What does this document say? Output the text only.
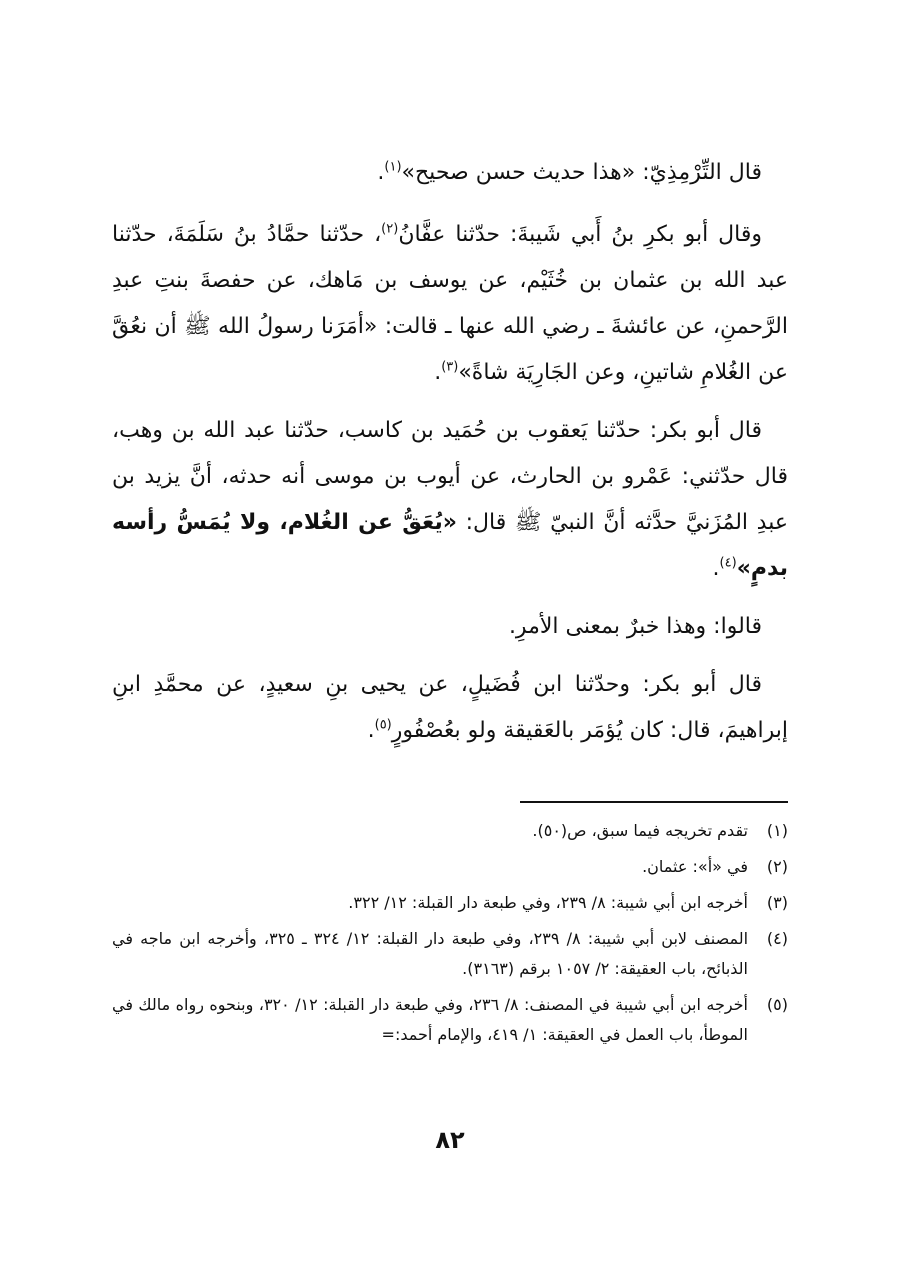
قال التِّرْمِذِيّ: «هذا حديث حسن صحيح»$^{(١)}$.

وقال أبو بكرِ بنُ أَبي شَيبةَ: حدّثنا عفَّانُ$^{(٢)}$، حدّثنا حمَّادُ بنُ سَلَمَةَ، حدّثنا عبد الله بن عثمان بن خُثَيْم، عن يوسف بن مَاهك، عن حفصةَ بنتِ عبدِ الرَّحمنِ، عن عائشةَ ـ رضي الله عنها ـ قالت: «أمَرَنا رسولُ الله ﷺ أن نعُقَّ عن الغُلامِ شاتينِ، وعن الجَارِيَة شاةً»$^{(٣)}$.

قال أبو بكر: حدّثنا يَعقوب بن حُمَيد بن كاسب، حدّثنا عبد الله بن وهب، قال حدّثني: عَمْرو بن الحارث، عن أيوب بن موسى أنه حدثه، أنَّ يزيد بن عبدِ المُزَنيَّ حدَّثه أنَّ النبيّ ﷺ قال: «يُعَقُّ عن الغُلام، ولا يُمَسُّ رأسه بدمٍ»$^{(٤)}$.

قالوا: وهذا خبرٌ بمعنى الأمرِ.

قال أبو بكر: وحدّثنا ابن فُضَيلٍ، عن يحيى بنِ سعيدٍ، عن محمَّدِ ابنِ إبراهيمَ، قال: كان يُؤمَر بالعَقيقة ولو بعُصْفُورٍ$^{(٥)}$.

(١)
تقدم تخريجه فيما سبق، ص(٥٠).
(٢)
في «أ»: عثمان.
(٣)
أخرجه ابن أبي شيبة: ٨/ ٢٣٩، وفي طبعة دار القبلة: ١٢/ ٣٢٢.
(٤)
المصنف لابن أبي شيبة: ٨/ ٢٣٩، وفي طبعة دار القبلة: ١٢/ ٣٢٤ ـ ٣٢٥، وأخرجه ابن ماجه في الذبائح، باب العقيقة: ٢/ ١٠٥٧ برقم (٣١٦٣).
(٥)
أخرجه ابن أبي شيبة في المصنف: ٨/ ٢٣٦، وفي طبعة دار القبلة: ١٢/ ٣٢٠، وبنحوه رواه مالك في الموطأ، باب العمل في العقيقة: ١/ ٤١٩، والإمام أحمد:=
٨٢
